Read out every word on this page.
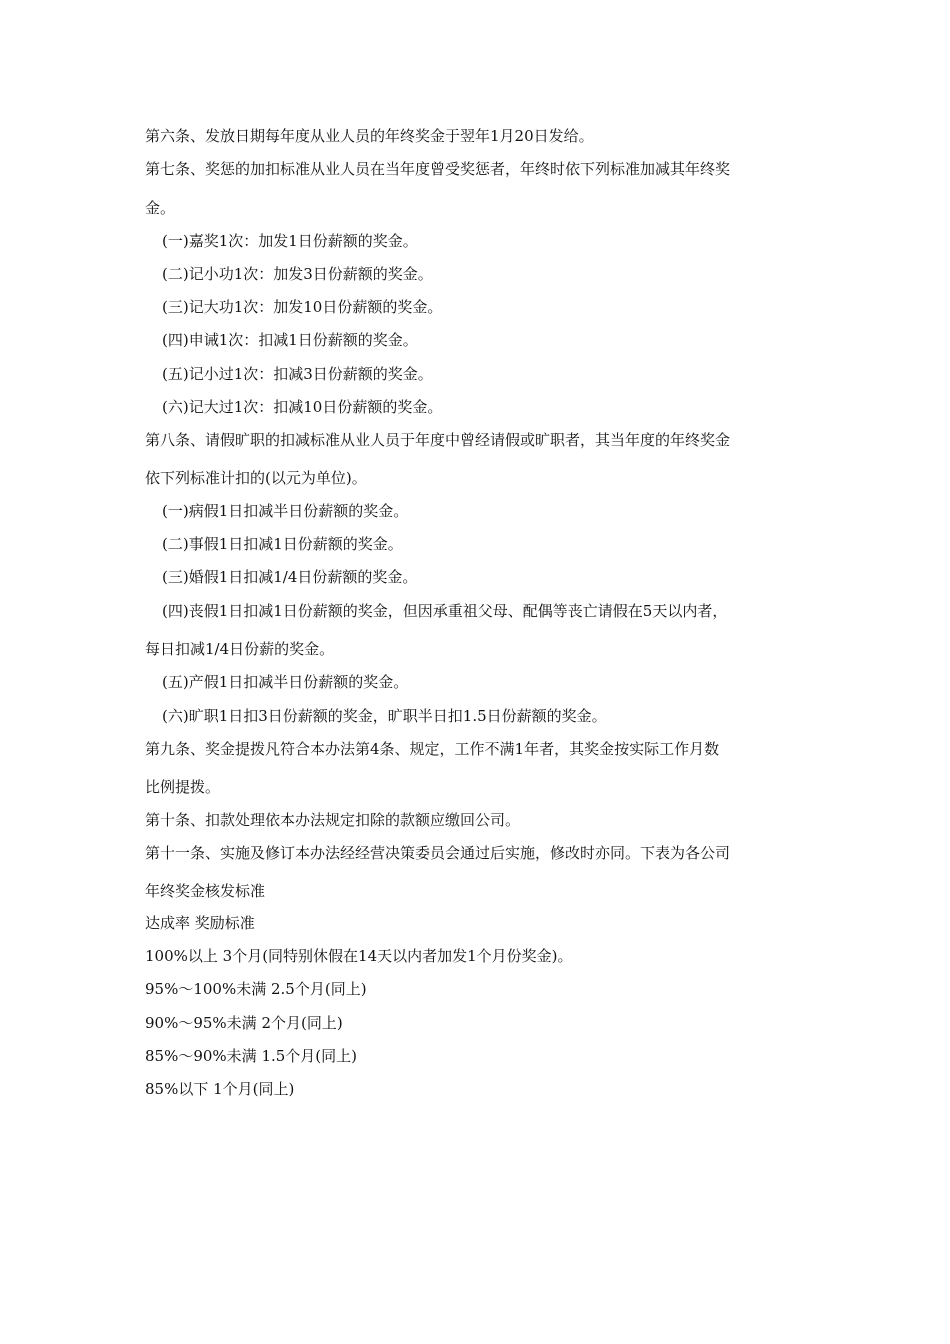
第六条、发放日期每年度从业人员的年终奖金于翌年1月20日发给。
第七条、奖惩的加扣标准从业人员在当年度曾受奖惩者，年终时依下列标准加减其年终奖
金。
(一)嘉奖1次：加发1日份薪额的奖金。
(二)记小功1次：加发3日份薪额的奖金。
(三)记大功1次：加发10日份薪额的奖金。
(四)申诫1次：扣减1日份薪额的奖金。
(五)记小过1次：扣减3日份薪额的奖金。
(六)记大过1次：扣减10日份薪额的奖金。
第八条、请假旷职的扣减标准从业人员于年度中曾经请假或旷职者，其当年度的年终奖金
依下列标准计扣的(以元为单位)。
(一)病假1日扣减半日份薪额的奖金。
(二)事假1日扣减1日份薪额的奖金。
(三)婚假1日扣减1/4日份薪额的奖金。
(四)丧假1日扣减1日份薪额的奖金，但因承重祖父母、配偶等丧亡请假在5天以内者，
每日扣减1/4日份薪的奖金。
(五)产假1日扣减半日份薪额的奖金。
(六)旷职1日扣3日份薪额的奖金，旷职半日扣1.5日份薪额的奖金。
第九条、奖金提拨凡符合本办法第4条、规定，工作不满1年者，其奖金按实际工作月数
比例提拨。
第十条、扣款处理依本办法规定扣除的款额应缴回公司。
第十一条、实施及修订本办法经经营决策委员会通过后实施，修改时亦同。下表为各公司
年终奖金核发标准
达成率 奖励标准
100%以上 3个月(同特别休假在14天以内者加发1个月份奖金)。
95%～100%未满 2.5个月(同上)
90%～95%未满 2个月(同上)
85%～90%未满 1.5个月(同上)
85%以下 1个月(同上)
